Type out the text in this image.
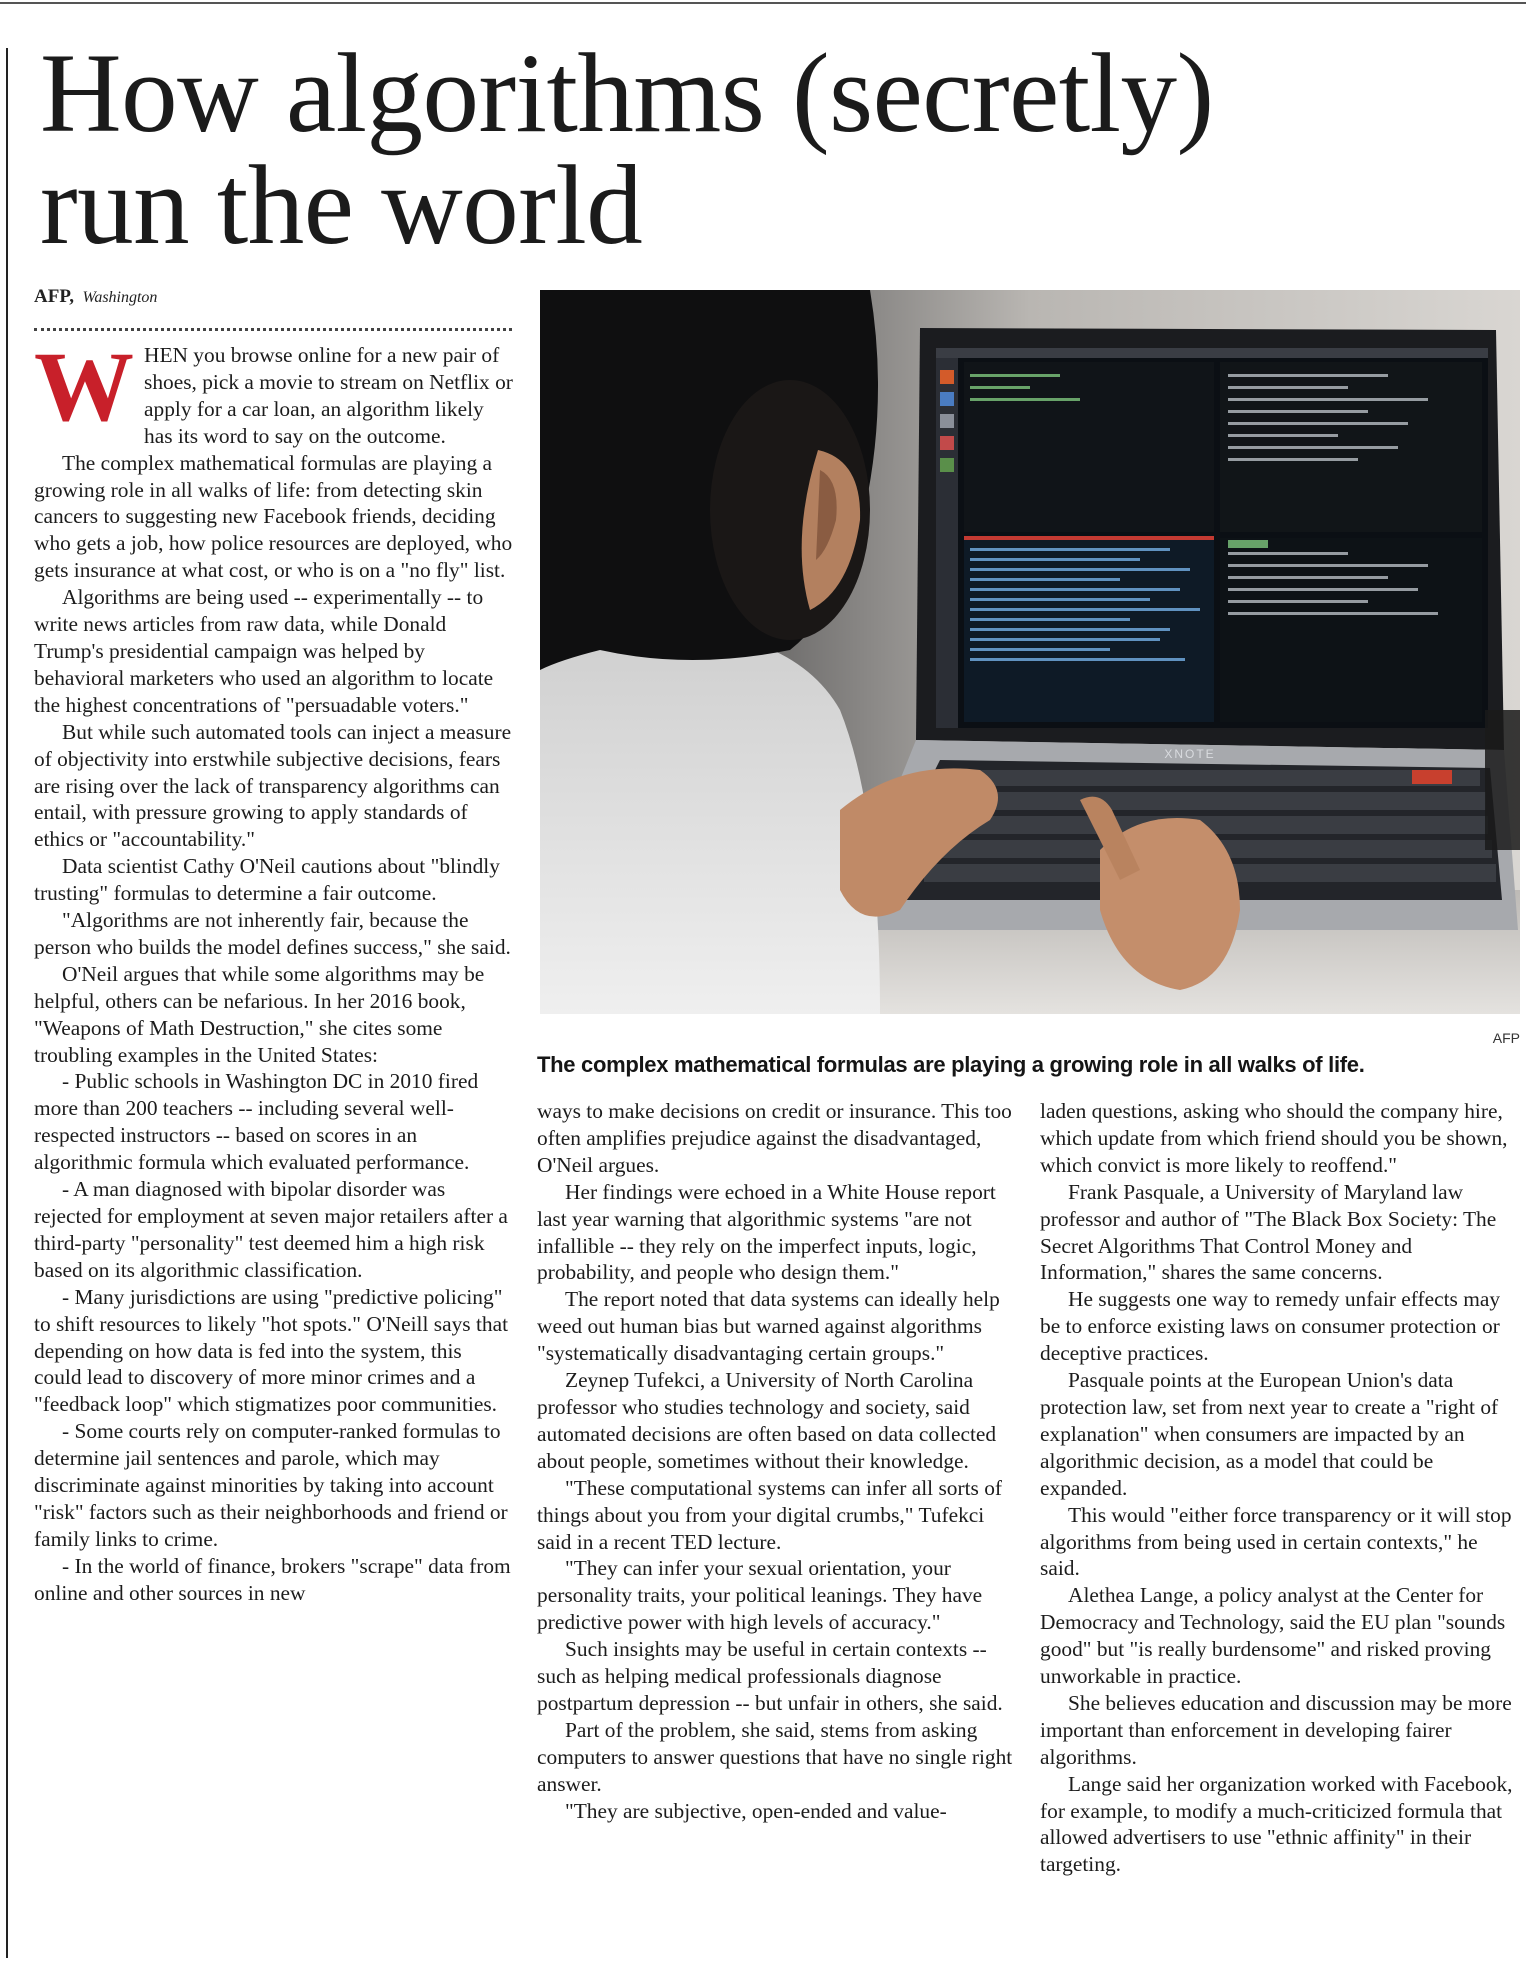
How algorithms (secretly)
run the world
AFP, Washington

WHEN you browse online for a new pair of shoes, pick a movie to stream on Netflix or apply for a car loan, an algorithm likely has its word to say on the outcome.

The complex mathematical formulas are playing a growing role in all walks of life: from detecting skin cancers to suggesting new Facebook friends, deciding who gets a job, how police resources are deployed, who gets insurance at what cost, or who is on a "no fly" list.

Algorithms are being used -- experimentally -- to write news articles from raw data, while Donald Trump's presidential campaign was helped by behavioral marketers who used an algorithm to locate the highest concentrations of "persuadable voters."

But while such automated tools can inject a measure of objectivity into erstwhile subjective decisions, fears are rising over the lack of transparency algorithms can entail, with pressure growing to apply standards of ethics or "accountability."

Data scientist Cathy O'Neil cautions about "blindly trusting" formulas to determine a fair outcome.

"Algorithms are not inherently fair, because the person who builds the model defines success," she said.

O'Neil argues that while some algorithms may be helpful, others can be nefarious. In her 2016 book, "Weapons of Math Destruction," she cites some troubling examples in the United States:

- Public schools in Washington DC in 2010 fired more than 200 teachers -- including several well-respected instructors -- based on scores in an algorithmic formula which evaluated performance.

- A man diagnosed with bipolar disorder was rejected for employment at seven major retailers after a third-party "personality" test deemed him a high risk based on its algorithmic classification.

- Many jurisdictions are using "predictive policing" to shift resources to likely "hot spots." O'Neill says that depending on how data is fed into the system, this could lead to discovery of more minor crimes and a "feedback loop" which stigmatizes poor communities.

- Some courts rely on computer-ranked formulas to determine jail sentences and parole, which may discriminate against minorities by taking into account "risk" factors such as their neighborhoods and friend or family links to crime.

- In the world of finance, brokers "scrape" data from online and other sources in new

XNOTE
AFP

The complex mathematical formulas are playing a growing role in all walks of life.

ways to make decisions on credit or insurance. This too often amplifies prejudice against the disadvantaged, O'Neil argues.

Her findings were echoed in a White House report last year warning that algorithmic systems "are not infallible -- they rely on the imperfect inputs, logic, probability, and people who design them."

The report noted that data systems can ideally help weed out human bias but warned against algorithms "systematically disadvantaging certain groups."

Zeynep Tufekci, a University of North Carolina professor who studies technology and society, said automated decisions are often based on data collected about people, sometimes without their knowledge.

"These computational systems can infer all sorts of things about you from your digital crumbs," Tufekci said in a recent TED lecture.

"They can infer your sexual orientation, your personality traits, your political leanings. They have predictive power with high levels of accuracy."

Such insights may be useful in certain contexts -- such as helping medical professionals diagnose postpartum depression -- but unfair in others, she said.

Part of the problem, she said, stems from asking computers to answer questions that have no single right answer.

"They are subjective, open-ended and value-

laden questions, asking who should the company hire, which update from which friend should you be shown, which convict is more likely to reoffend."

Frank Pasquale, a University of Maryland law professor and author of "The Black Box Society: The Secret Algorithms That Control Money and Information," shares the same concerns.

He suggests one way to remedy unfair effects may be to enforce existing laws on consumer protection or deceptive practices.

Pasquale points at the European Union's data protection law, set from next year to create a "right of explanation" when consumers are impacted by an algorithmic decision, as a model that could be expanded.

This would "either force transparency or it will stop algorithms from being used in certain contexts," he said.

Alethea Lange, a policy analyst at the Center for Democracy and Technology, said the EU plan "sounds good" but "is really burdensome" and risked proving unworkable in practice.

She believes education and discussion may be more important than enforcement in developing fairer algorithms.

Lange said her organization worked with Facebook, for example, to modify a much-criticized formula that allowed advertisers to use "ethnic affinity" in their targeting.
